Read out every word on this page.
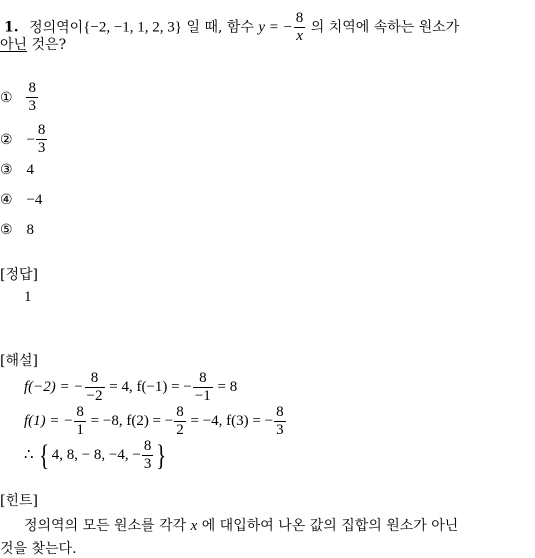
1. 정의역이{−2, −1, 1, 2, 3} 일 때, 함수 y = − $\frac{8}{x}$ 의 치역에 속하는 원소가
아닌 것은?
① $\frac{8}{3}$
② − $\frac{8}{3}$
③ 4
④ −4
⑤ 8
[정답]
1
[해설]
f(−2) = − $\frac{8}{-2} = 4$, f(−1) = − $\frac{8}{-1} = 8$
f(1) = − $\frac{8}{1} = -8$, f(2) = − $\frac{8}{2} = -4$, f(3) = − $\frac{8}{3}$
∴ { 4, 8, − 8, −4, − $\frac{8}{3}$ }
[힌트]
정의역의 모든 원소를 각각 x 에 대입하여 나온 값의 집합의 원소가 아닌
것을 찾는다.
